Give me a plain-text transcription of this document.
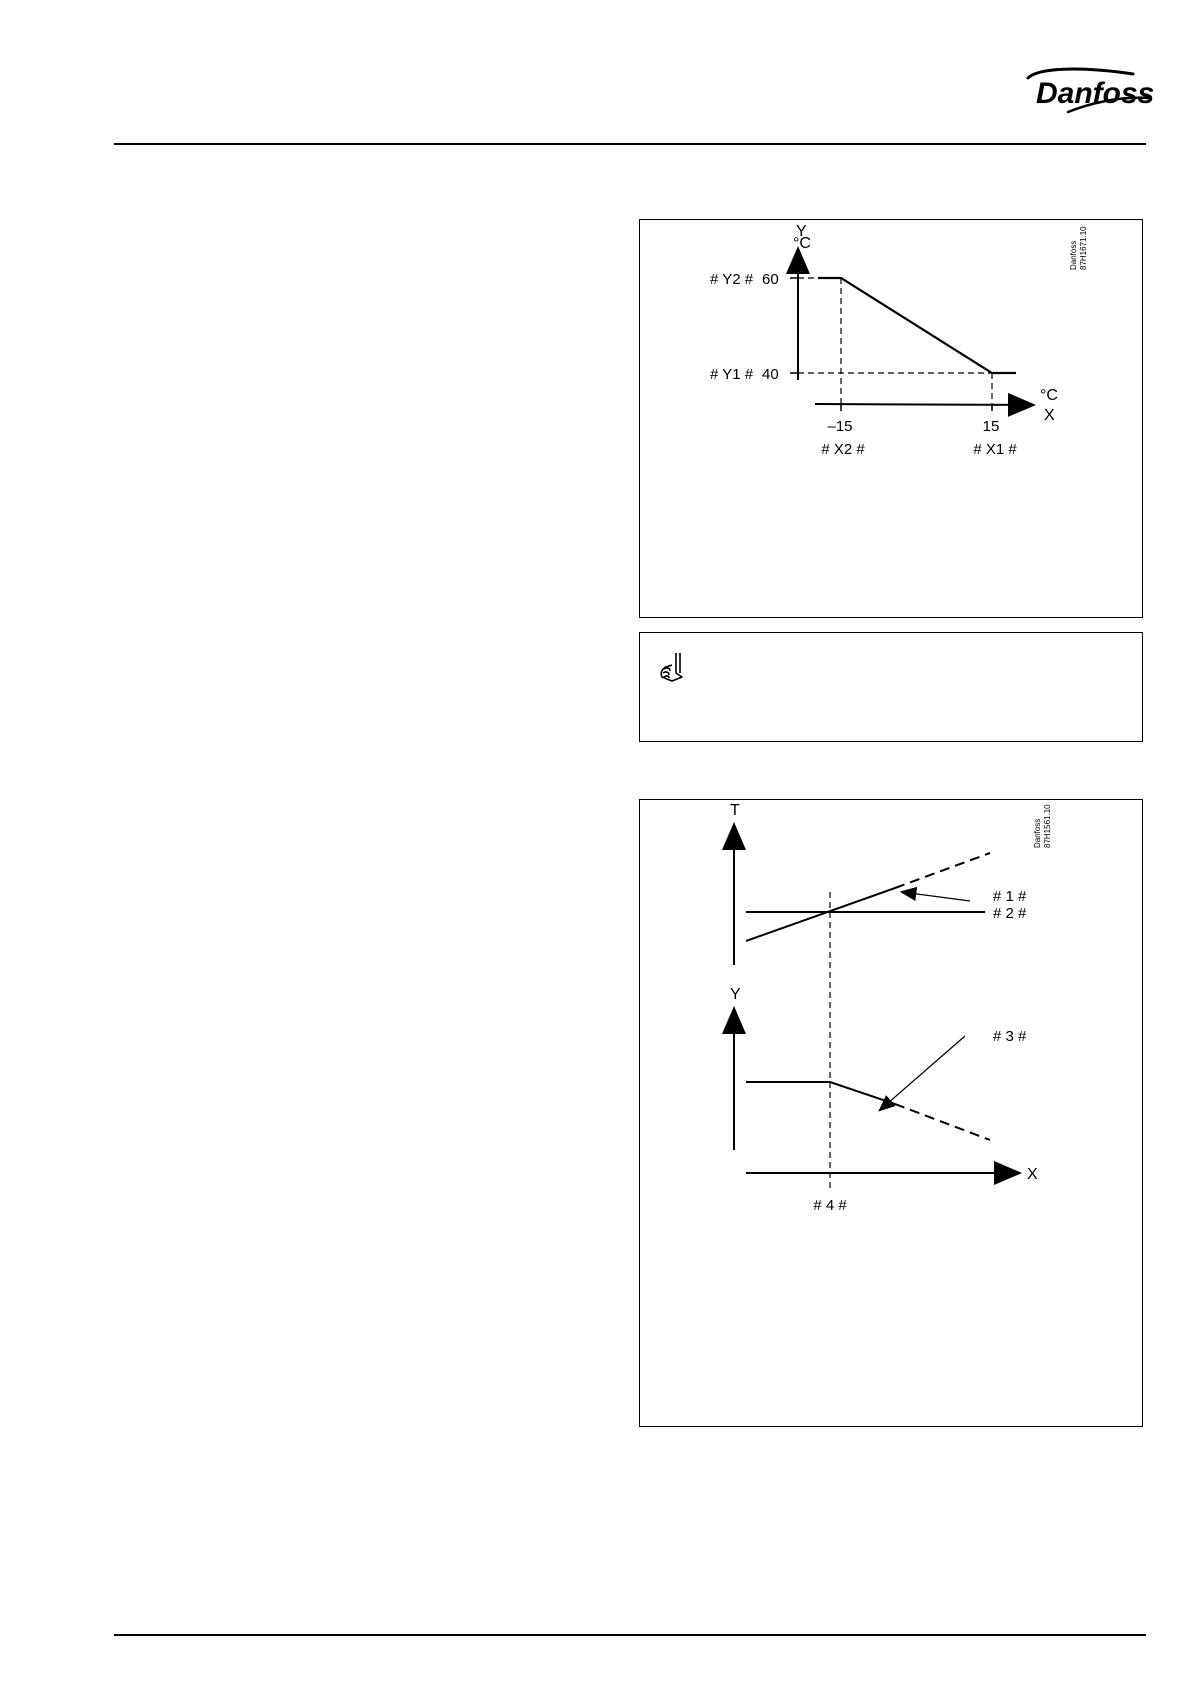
Danfoss
°C
Y
# Y2 # 60
# Y1 # 40
°C
X
–15	15
# X2 #	# X1 #
Danfoss 87H1671.10
# 1 #
# 2 #
T
Y
X
# 3 #
# 4 #
Danfoss 87H1561.10
